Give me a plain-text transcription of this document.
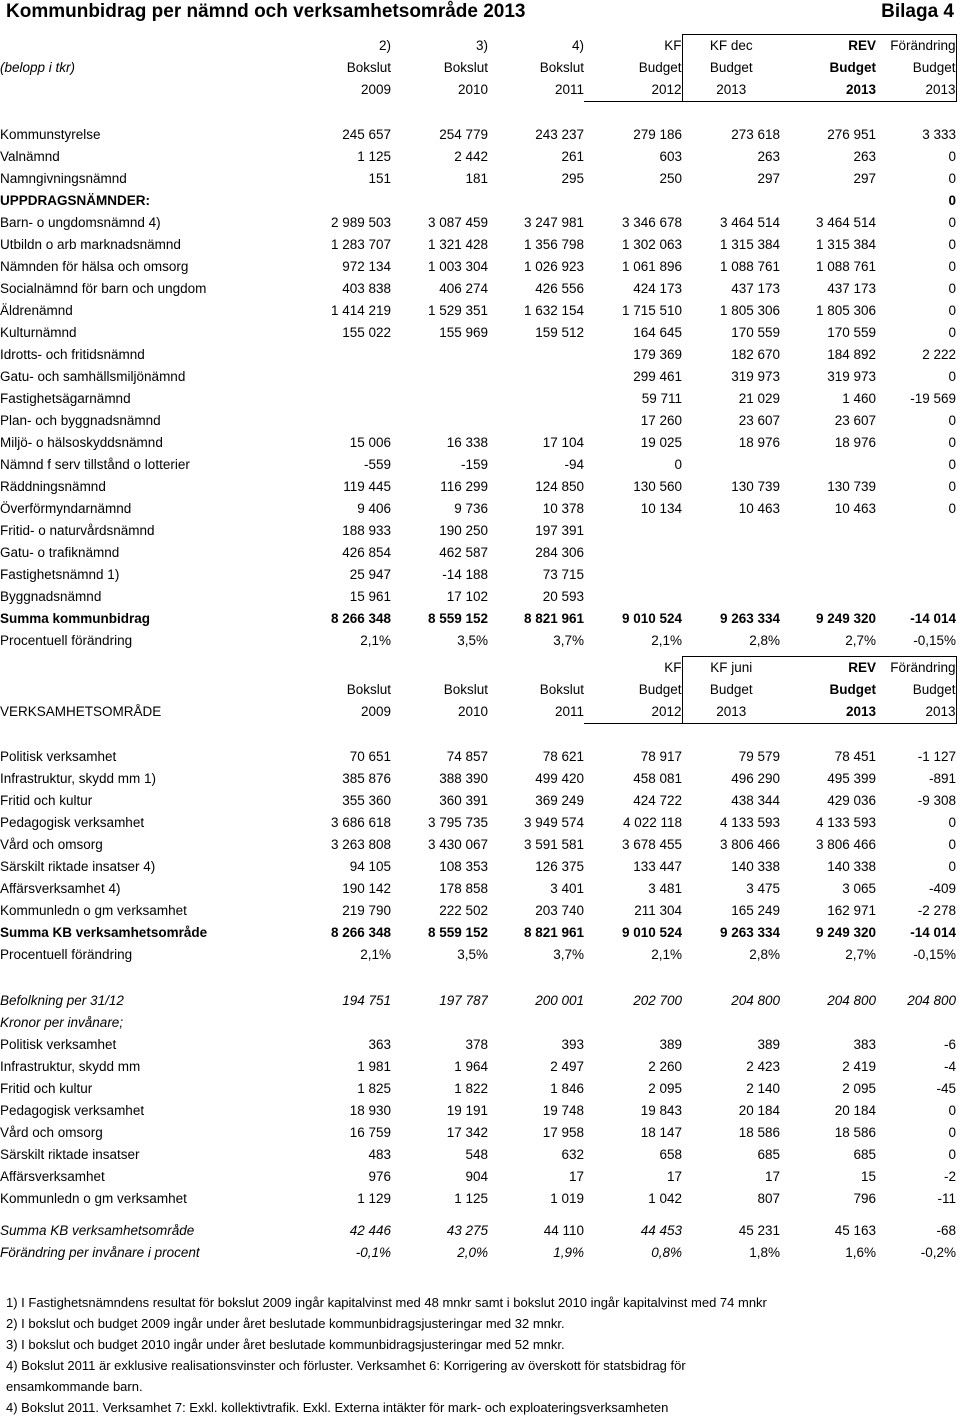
Kommunbidrag per nämnd och verksamhetsområde 2013	Bilaga 4
	2)	3)	4)	KF	KF dec	REV	Förändring
(belopp i tkr)	Bokslut	Bokslut	Bokslut	Budget	Budget	Budget	Budget
	2009	2010	2011	2012	2013	2013	2013

Kommunstyrelse	245 657	254 779	243 237	279 186	273 618	276 951	3 333
Valnämnd	1 125	2 442	261	603	263	263	0
Namngivningsnämnd	151	181	295	250	297	297	0
UPPDRAGSNÄMNDER:							0
Barn- o ungdomsnämnd 4)	2 989 503	3 087 459	3 247 981	3 346 678	3 464 514	3 464 514	0
Utbildn o arb marknadsnämnd	1 283 707	1 321 428	1 356 798	1 302 063	1 315 384	1 315 384	0
Nämnden för hälsa och omsorg	972 134	1 003 304	1 026 923	1 061 896	1 088 761	1 088 761	0
Socialnämnd för barn och ungdom	403 838	406 274	426 556	424 173	437 173	437 173	0
Äldrenämnd	1 414 219	1 529 351	1 632 154	1 715 510	1 805 306	1 805 306	0
Kulturnämnd	155 022	155 969	159 512	164 645	170 559	170 559	0
Idrotts- och fritidsnämnd				179 369	182 670	184 892	2 222
Gatu- och samhällsmiljönämnd				299 461	319 973	319 973	0
Fastighetsägarnämnd				59 711	21 029	1 460	-19 569
Plan- och byggnadsnämnd				17 260	23 607	23 607	0
Miljö- o hälsoskyddsnämnd	15 006	16 338	17 104	19 025	18 976	18 976	0
Nämnd f serv tillstånd o lotterier	-559	-159	-94	0			0
Räddningsnämnd	119 445	116 299	124 850	130 560	130 739	130 739	0
Överförmyndarnämnd	9 406	9 736	10 378	10 134	10 463	10 463	0
Fritid- o naturvårdsnämnd	188 933	190 250	197 391				
Gatu- o trafiknämnd	426 854	462 587	284 306				
Fastighetsnämnd 1)	25 947	-14 188	73 715				
Byggnadsnämnd	15 961	17 102	20 593				
Summa kommunbidrag	8 266 348	8 559 152	8 821 961	9 010 524	9 263 334	9 249 320	-14 014
Procentuell förändring	2,1%	3,5%	3,7%	2,1%	2,8%	2,7%	-0,15%
				KF	KF juni	REV	Förändring
	Bokslut	Bokslut	Bokslut	Budget	Budget	Budget	Budget
VERKSAMHETSOMRÅDE	2009	2010	2011	2012	2013	2013	2013

Politisk verksamhet	70 651	74 857	78 621	78 917	79 579	78 451	-1 127
Infrastruktur, skydd mm 1)	385 876	388 390	499 420	458 081	496 290	495 399	-891
Fritid och kultur	355 360	360 391	369 249	424 722	438 344	429 036	-9 308
Pedagogisk verksamhet	3 686 618	3 795 735	3 949 574	4 022 118	4 133 593	4 133 593	0
Vård och omsorg	3 263 808	3 430 067	3 591 581	3 678 455	3 806 466	3 806 466	0
Särskilt riktade insatser 4)	94 105	108 353	126 375	133 447	140 338	140 338	0
Affärsverksamhet 4)	190 142	178 858	3 401	3 481	3 475	3 065	-409
Kommunledn o gm verksamhet	219 790	222 502	203 740	211 304	165 249	162 971	-2 278
Summa KB verksamhetsområde	8 266 348	8 559 152	8 821 961	9 010 524	9 263 334	9 249 320	-14 014
Procentuell förändring	2,1%	3,5%	3,7%	2,1%	2,8%	2,7%	-0,15%
Befolkning per 31/12	194 751	197 787	200 001	202 700	204 800	204 800	204 800
Kronor per invånare;							
Politisk verksamhet	363	378	393	389	389	383	-6
Infrastruktur, skydd mm	1 981	1 964	2 497	2 260	2 423	2 419	-4
Fritid och kultur	1 825	1 822	1 846	2 095	2 140	2 095	-45
Pedagogisk verksamhet	18 930	19 191	19 748	19 843	20 184	20 184	0
Vård och omsorg	16 759	17 342	17 958	18 147	18 586	18 586	0
Särskilt riktade insatser	483	548	632	658	685	685	0
Affärsverksamhet	976	904	17	17	17	15	-2
Kommunledn o gm verksamhet	1 129	1 125	1 019	1 042	807	796	-11
Summa KB verksamhetsområde	42 446	43 275	44 110	44 453	45 231	45 163	-68
Förändring per invånare i procent	-0,1%	2,0%	1,9%	0,8%	1,8%	1,6%	-0,2%
1) I Fastighetsnämndens resultat för bokslut 2009 ingår kapitalvinst med 48 mnkr samt i bokslut 2010 ingår kapitalvinst med 74 mnkr
2) I bokslut och budget 2009 ingår under året beslutade kommunbidragsjusteringar med 32 mnkr.
3) I bokslut och budget 2010 ingår under året beslutade kommunbidragsjusteringar med 52 mnkr.
4) Bokslut 2011 är exklusive realisationsvinster och förluster. Verksamhet 6: Korrigering av överskott för statsbidrag för
ensamkommande barn.
4) Bokslut 2011. Verksamhet 7: Exkl. kollektivtrafik. Exkl. Externa intäkter för mark- och exploateringsverksamheten
